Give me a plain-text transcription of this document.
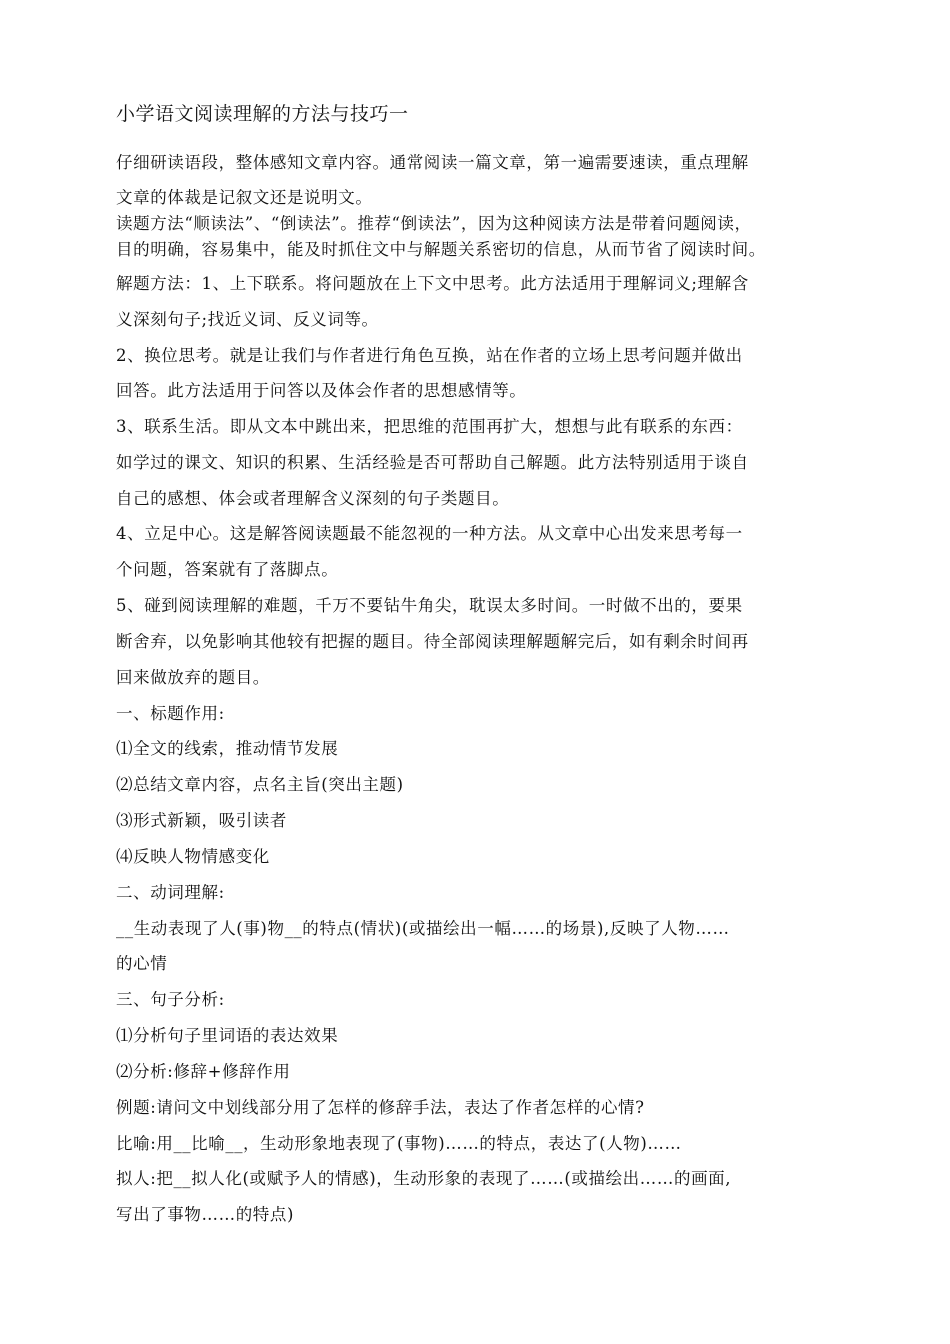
小学语文阅读理解的方法与技巧一
仔细研读语段，整体感知文章内容。通常阅读一篇文章，第一遍需要速读，重点理解
文章的体裁是记叙文还是说明文。
读题方法“顺读法”、“倒读法”。推荐“倒读法”，因为这种阅读方法是带着问题阅读，
目的明确，容易集中，能及时抓住文中与解题关系密切的信息，从而节省了阅读时间。
解题方法：1、上下联系。将问题放在上下文中思考。此方法适用于理解词义;理解含
义深刻句子;找近义词、反义词等。
2、换位思考。就是让我们与作者进行角色互换，站在作者的立场上思考问题并做出
回答。此方法适用于问答以及体会作者的思想感情等。
3、联系生活。即从文本中跳出来，把思维的范围再扩大，想想与此有联系的东西：
如学过的课文、知识的积累、生活经验是否可帮助自己解题。此方法特别适用于谈自
自己的感想、体会或者理解含义深刻的句子类题目。
4、立足中心。这是解答阅读题最不能忽视的一种方法。从文章中心出发来思考每一
个问题，答案就有了落脚点。
5、碰到阅读理解的难题，千万不要钻牛角尖，耽误太多时间。一时做不出的，要果
断舍弃，以免影响其他较有把握的题目。待全部阅读理解题解完后，如有剩余时间再
回来做放弃的题目。
一、标题作用:
⑴全文的线索，推动情节发展
⑵总结文章内容，点名主旨(突出主题)
⑶形式新颖，吸引读者
⑷反映人物情感变化
二、动词理解:
__生动表现了人(事)物__的特点(情状)(或描绘出一幅……的场景),反映了人物……
的心情
三、句子分析:
⑴分析句子里词语的表达效果
⑵分析:修辞+修辞作用
例题:请问文中划线部分用了怎样的修辞手法，表达了作者怎样的心情?
比喻:用__比喻__，生动形象地表现了(事物)……的特点，表达了(人物)……
拟人:把__拟人化(或赋予人的情感)，生动形象的表现了……(或描绘出……的画面,
写出了事物……的特点)
